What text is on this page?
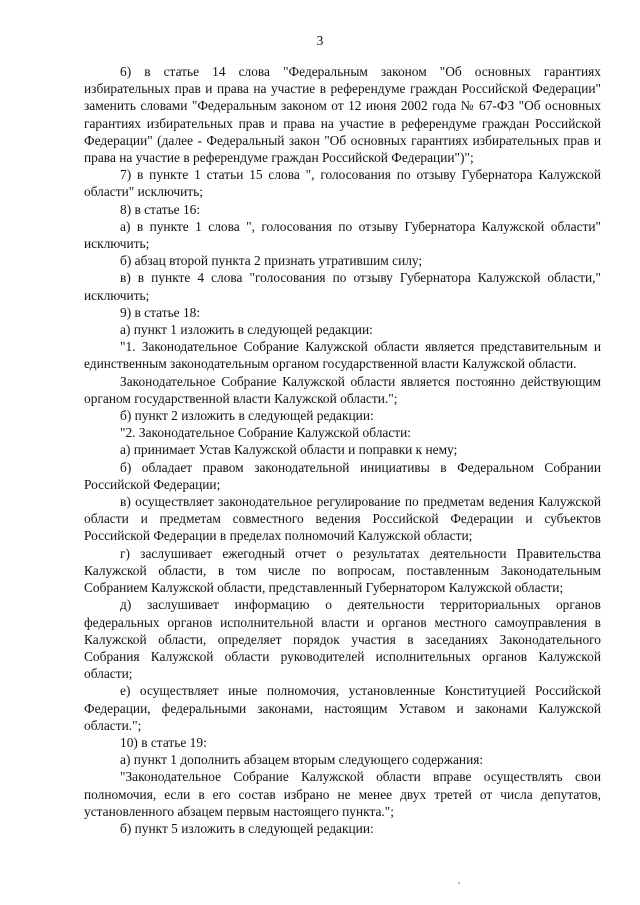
3

6) в статье 14 слова "Федеральным законом "Об основных гарантиях избирательных прав и права на участие в референдуме граждан Российской Федерации" заменить словами "Федеральным законом от 12 июня 2002 года № 67-ФЗ "Об основных гарантиях избирательных прав и права на участие в референдуме граждан Российской Федерации" (далее - Федеральный закон "Об основных гарантиях избирательных прав и права на участие в референдуме граждан Российской Федерации")";

7) в пункте 1 статьи 15 слова ", голосования по отзыву Губернатора Калужской области" исключить;

8) в статье 16:

а) в пункте 1 слова ", голосования по отзыву Губернатора Калужской области" исключить;

б) абзац второй пункта 2 признать утратившим силу;

в) в пункте 4 слова "голосования по отзыву Губернатора Калужской области," исключить;

9) в статье 18:

а) пункт 1 изложить в следующей редакции:

"1. Законодательное Собрание Калужской области является представительным и единственным законодательным органом государственной власти Калужской области.

Законодательное Собрание Калужской области является постоянно действующим органом государственной власти Калужской области.";

б) пункт 2 изложить в следующей редакции:

"2. Законодательное Собрание Калужской области:

а) принимает Устав Калужской области и поправки к нему;

б) обладает правом законодательной инициативы в Федеральном Собрании Российской Федерации;

в) осуществляет законодательное регулирование по предметам ведения Калужской области и предметам совместного ведения Российской Федерации и субъектов Российской Федерации в пределах полномочий Калужской области;

г) заслушивает ежегодный отчет о результатах деятельности Правительства Калужской области, в том числе по вопросам, поставленным Законодательным Собранием Калужской области, представленный Губернатором Калужской области;

д) заслушивает информацию о деятельности территориальных органов федеральных органов исполнительной власти и органов местного самоуправления в Калужской области, определяет порядок участия в заседаниях Законодательного Собрания Калужской области руководителей исполнительных органов Калужской области;

е) осуществляет иные полномочия, установленные Конституцией Российской Федерации, федеральными законами, настоящим Уставом и законами Калужской области.";

10) в статье 19:

а) пункт 1 дополнить абзацем вторым следующего содержания:

"Законодательное Собрание Калужской области вправе осуществлять свои полномочия, если в его состав избрано не менее двух третей от числа депутатов, установленного абзацем первым настоящего пункта.";

б) пункт 5 изложить в следующей редакции:
